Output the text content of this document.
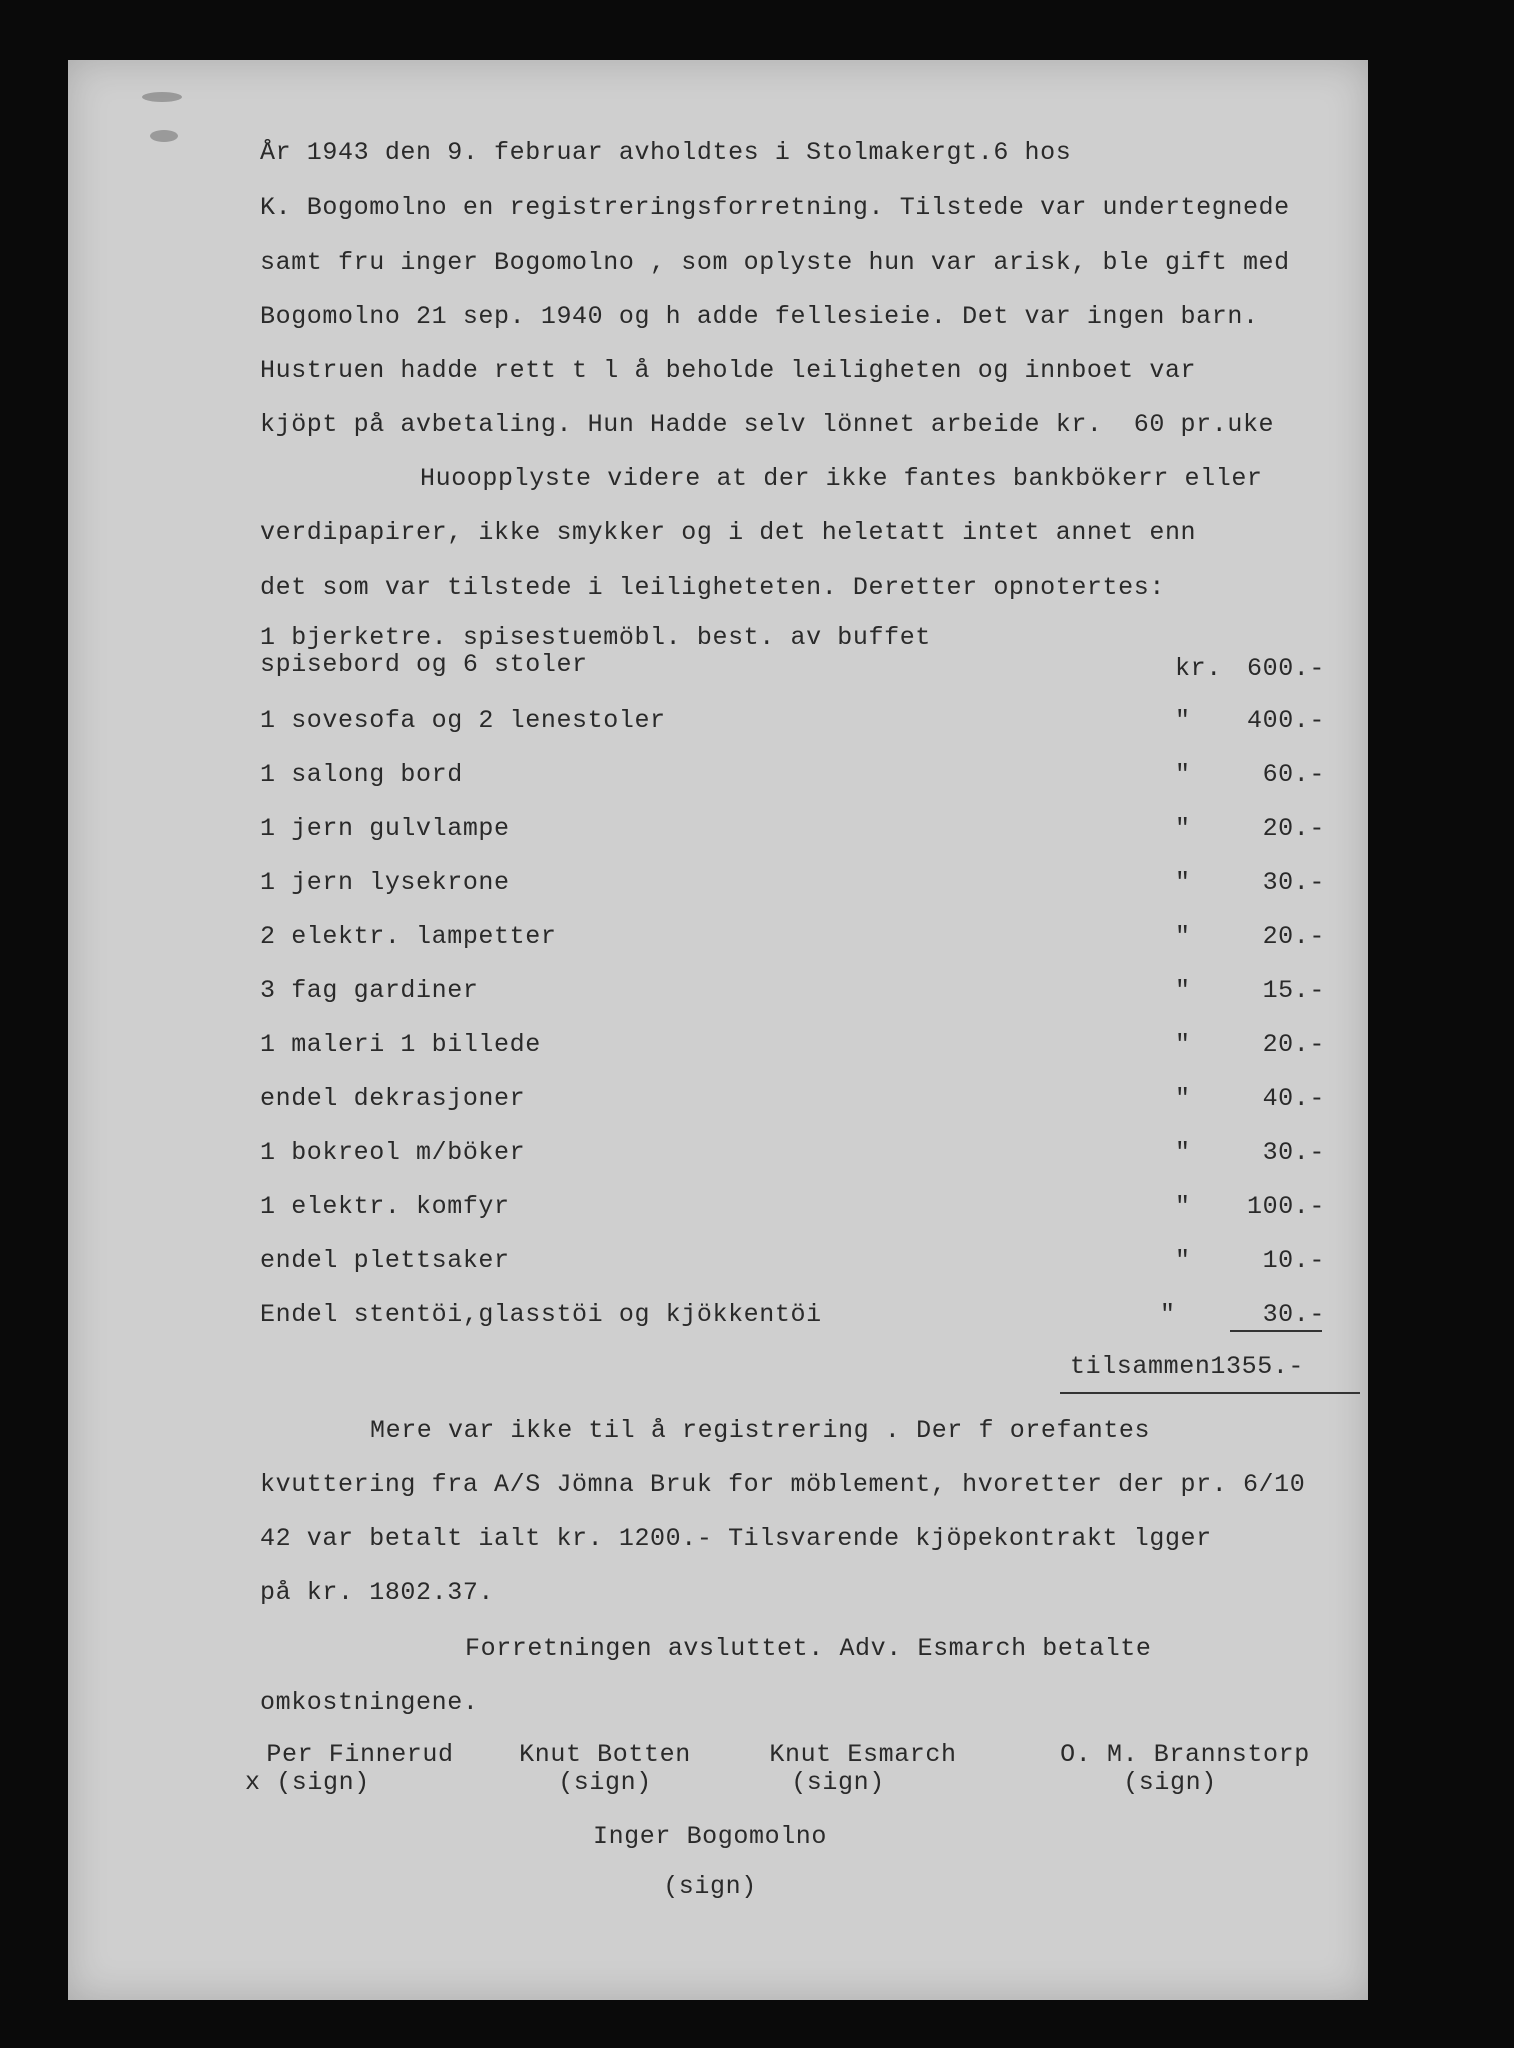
År 1943 den 9. februar avholdtes i Stolmakergt.6 hos
K. Bogomolno en registreringsforretning. Tilstede var undertegnede
samt fru inger Bogomolno , som oplyste hun var arisk, ble gift med
Bogomolno 21 sep. 1940 og h adde fellesieie. Det var ingen barn.
Hustruen hadde rett t l å beholde leiligheten og innboet var
kjöpt på avbetaling. Hun Hadde selv lönnet arbeide kr.  60 pr.uke
Huoopplyste videre at der ikke fantes bankbökerr eller
verdipapirer, ikke smykker og i det heletatt intet annet enn
det som var tilstede i leiligheteten. Deretter opnotertes:
1 bjerketre. spisestuemöbl. best. av buffet
spisebord og 6 stoler	kr.	600.-
1 sovesofa og 2 lenestoler	"	400.-
1 salong bord	"	60.-
1 jern gulvlampe	"	20.-
1 jern lysekrone	"	30.-
2 elektr. lampetter	"	20.-
3 fag gardiner	"	15.-
1 maleri 1 billede	"	20.-
endel dekrasjoner	"	40.-
1 bokreol m/böker	"	30.-
1 elektr. komfyr	"	100.-
endel plettsaker	"	10.-
Endel stentöi,glasstöi og kjökkentöi	"	30.-
tilsammen1355.-
Mere var ikke til å registrering . Der f orefantes
kvuttering fra A/S Jömna Bruk for möblement, hvoretter der pr. 6/10
42 var betalt ialt kr. 1200.- Tilsvarende kjöpekontrakt lgger
på kr. 1802.37.
Forretningen avsluttet. Adv. Esmarch betalte
omkostningene.
Per Finnerud
x (sign)
Knut Botten
(sign)
Knut Esmarch
(sign)
O. M. Brannstorp
(sign)
Inger Bogomolno
(sign)
